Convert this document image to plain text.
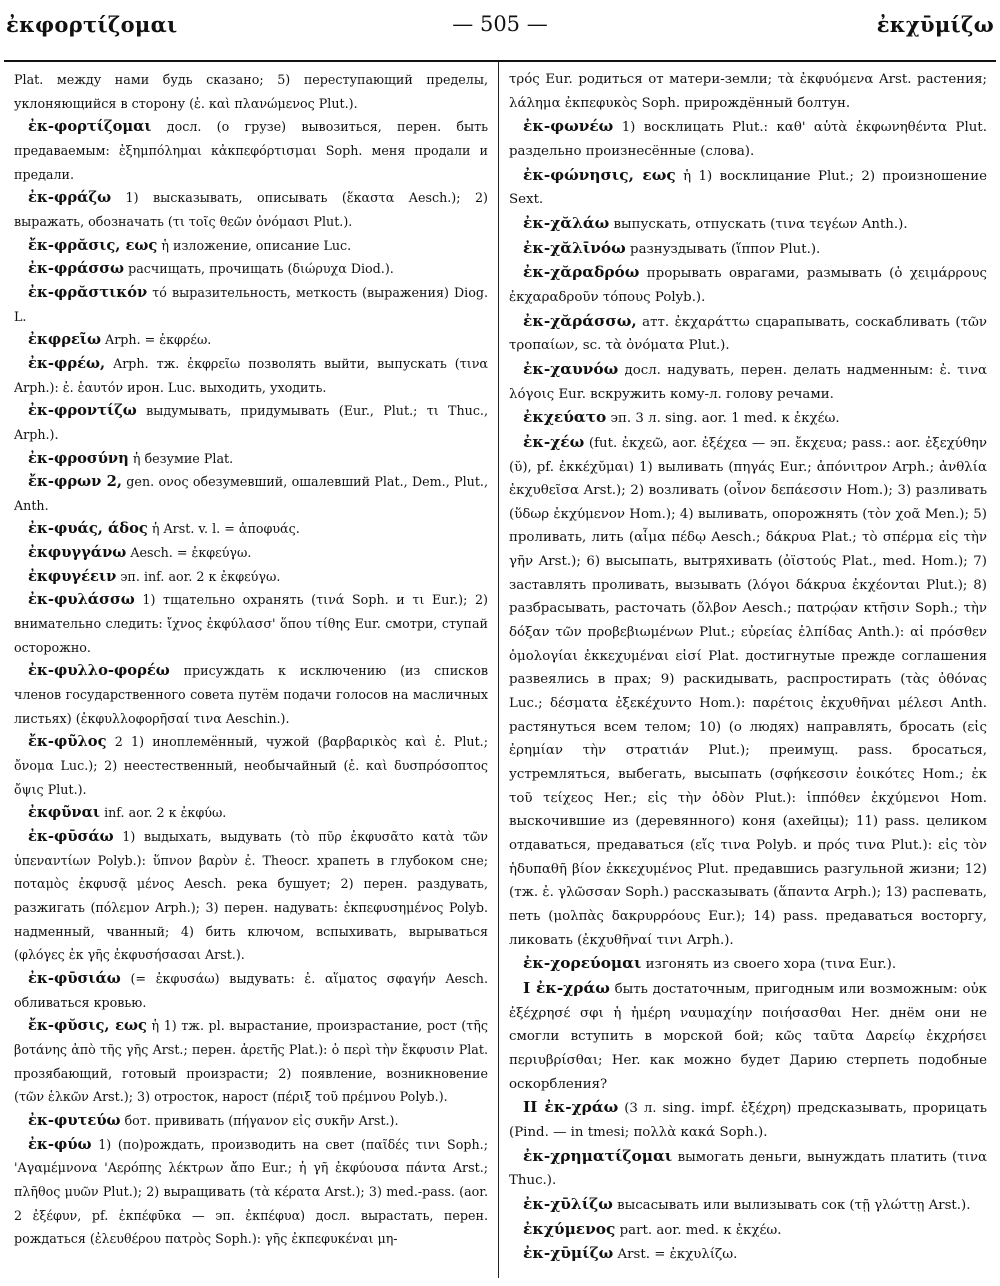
ἐκφορτίζομαι	— 505 —	ἐκχῡμίζω

Plat. между нами будь сказано; 5) переступающий пределы, уклоняющийся в сторону (ἐ. καὶ πλανώμενος Plut.).

ἐκ-φορτίζομαι досл. (о грузе) вывозиться, перен. быть предаваемым: ἐξημπόλημαι κἀκπεφόρτισμαι Soph. меня продали и предали.

ἐκ-φράζω 1) высказывать, описывать (ἕκαστα Aesch.); 2) выражать, обозначать (τι τοῖς θεῶν ὀνόμασι Plut.).

ἔκ-φρᾰσις, εως ἡ изложение, описание Luc.

ἐκ-φράσσω расчищать, прочищать (διώρυχα Diod.).

ἐκ-φρᾰστικόν τό выразительность, меткость (выражения) Diog. L.

ἐκφρεῖω Arph. = ἐκφρέω.

ἐκ-φρέω, Arph. тж. ἐκφρεῖω позволять выйти, выпускать (τινα Arph.): ἐ. ἑαυτόν ирон. Luc. выходить, уходить.

ἐκ-φροντίζω выдумывать, придумывать (Eur., Plut.; τι Thuc., Arph.).

ἐκ-φροσύνη ἡ безумие Plat.

ἔκ-φρων 2, gen. ονος обезумевший, ошалевший Plat., Dem., Plut., Anth.

ἐκ-φυάς, άδος ἡ Arst. v. l. = ἀποφυάς.

ἐκφυγγάνω Aesch. = ἐκφεύγω.

ἐκφυγέειν эп. inf. aor. 2 к ἐκφεύγω.

ἐκ-φυλάσσω 1) тщательно охранять (τινά Soph. и τι Eur.); 2) внимательно следить: ἴχνος ἐκφύλασσ' ὅπου τίθης Eur. смотри, ступай осторожно.

ἐκ-φυλλο-φορέω присуждать к исключению (из списков членов государственного совета путём подачи голосов на масличных листьях) (ἐκφυλλοφορῆσαί τινα Aeschin.).

ἔκ-φῦλος 2 1) иноплемённый, чужой (βαρβαρικὸς καὶ ἐ. Plut.; ὄνομα Luc.); 2) неестественный, необычайный (ἐ. καὶ δυσπρόσοπτος ὄψις Plut.).

ἐκφῦναι inf. aor. 2 к ἐκφύω.

ἐκ-φῡσάω 1) выдыхать, выдувать (τὸ πῦρ ἐκφυσᾶτο κατὰ τῶν ὑπεναντίων Polyb.): ὕπνον βαρὺν ἐ. Theocr. храпеть в глубоком сне; ποταμὸς ἐκφυσᾷ μένος Aesch. река бушует; 2) перен. раздувать, разжигать (πόλεμον Arph.); 3) перен. надувать: ἐκπεφυσημένος Polyb. надменный, чванный; 4) бить ключом, вспыхивать, вырываться (φλόγες ἐκ γῆς ἐκφυσήσασαι Arst.).

ἐκ-φῡσιάω (= ἐκφυσάω) выдувать: ἐ. αἵματος σφαγήν Aesch. обливаться кровью.

ἔκ-φῠσις, εως ἡ 1) тж. pl. вырастание, произрастание, рост (τῆς βοτάνης ἀπὸ τῆς γῆς Arst.; перен. ἀρετῆς Plat.): ὁ περὶ τὴν ἔκφυσιν Plat. прозябающий, готовый произрасти; 2) появление, возникновение (τῶν ἑλκῶν Arst.); 3) отросток, нарост (πέριξ τοῦ πρέμνου Polyb.).

ἐκ-φυτεύω бот. прививать (πήγανον εἰς συκῆν Arst.).

ἐκ-φύω 1) (по)рождать, производить на свет (παῖδές τινι Soph.; 'Αγαμέμνονα 'Αερόπης λέκτρων ἄπο Eur.; ἡ γῆ ἐκφύουσα πάντα Arst.; πλῆθος μυῶν Plut.); 2) выращивать (τὰ κέρατα Arst.); 3) med.-pass. (aor. 2 ἐξέφυν, pf. ἐκπέφῡκα — эп. ἐκπέφυα) досл. вырастать, перен. рождаться (ἐλευθέρου πατρὸς Soph.): γῆς ἐκπεφυκέναι μη-

τρός Eur. родиться от матери-земли; τὰ ἐκφυόμενα Arst. растения; λάλημα ἐκπεφυκὸς Soph. прирождённый болтун.

ἐκ-φωνέω 1) восклицать Plut.: καθ' αὑτὰ ἐκφωνηθέντα Plut. раздельно произнесённые (слова).

ἐκ-φώνησις, εως ἡ 1) восклицание Plut.; 2) произношение Sext.

ἐκ-χᾰλάω выпускать, отпускать (τινα τεγέων Anth.).

ἐκ-χᾰλῑνόω разнуздывать (ἵππον Plut.).

ἐκ-χᾰραδρόω прорывать оврагами, размывать (ὁ χειμάρρους ἐκχαραδροῦν τόπους Polyb.).

ἐκ-χᾰράσσω, атт. ἐκχαράττω сцарапывать, соскабливать (τῶν τροπαίων, sc. τὰ ὀνόματα Plut.).

ἐκ-χαυνόω досл. надувать, перен. делать надменным: ἐ. τινα λόγοις Eur. вскружить кому-л. голову речами.

ἐκχεύατο эп. 3 л. sing. aor. 1 med. к ἐκχέω.

ἐκ-χέω (fut. ἐκχεῶ, aor. ἐξέχεα — эп. ἔκχευα; pass.: aor. ἐξεχύθην (ῠ), pf. ἐκκέχῠμαι) 1) выливать (πηγάς Eur.; ἀπόνιτρον Arph.; ἀνθλία ἐκχυθεῖσα Arst.); 2) возливать (οἶνον δεπάεσσιν Hom.); 3) разливать (ὕδωρ ἐκχύμενον Hom.); 4) выливать, опорожнять (τὸν χοᾶ Men.); 5) проливать, лить (αἷμα πέδῳ Aesch.; δάκρυα Plat.; τὸ σπέρμα εἰς τὴν γῆν Arst.); 6) высыпать, вытряхивать (ὀϊστούς Plat., med. Hom.); 7) заставлять проливать, вызывать (λόγοι δάκρυα ἐκχέονται Plut.); 8) разбрасывать, расточать (ὄλβον Aesch.; πατρῴαν κτῆσιν Soph.; τὴν δόξαν τῶν προβεβιωμένων Plut.; εὐρείας ἐλπίδας Anth.): αἱ πρόσθεν ὁμολογίαι ἐκκεχυμέναι εἰσί Plat. достигнутые прежде соглашения развеялись в прах; 9) раскидывать, распростирать (τὰς ὀθόνας Luc.; δέσματα ἐξεκέχυντο Hom.): παρέτοις ἐκχυθῆναι μέλεσι Anth. растянуться всем телом; 10) (о людях) направлять, бросать (εἰς ἐρημίαν τὴν στρατιάν Plut.); преимущ. pass. бросаться, устремляться, выбегать, высыпать (σφήκεσσιν ἐοικότες Hom.; ἐκ τοῦ τείχεος Her.; εἰς τὴν ὁδὸν Plut.): ἱππόθεν ἐκχύμενοι Hom. выскочившие из (деревянного) коня (ахейцы); 11) pass. целиком отдаваться, предаваться (εἴς τινα Polyb. и πρός τινα Plut.): εἰς τὸν ἡδυπαθῆ βίον ἐκκεχυμένος Plut. предавшись разгульной жизни; 12) (тж. ἐ. γλῶσσαν Soph.) рассказывать (ἅπαντα Arph.); 13) распевать, петь (μολπὰς δακρυρρόους Eur.); 14) pass. предаваться восторгу, ликовать (ἐκχυθῆναί τινι Arph.).

ἐκ-χορεύομαι изгонять из своего хора (τινα Eur.).

I ἐκ-χράω быть достаточным, пригодным или возможным: οὐκ ἐξέχρησέ σφι ἡ ἡμέρη ναυμαχίην ποιήσασθαι Her. днём они не смогли вступить в морской бой; κῶς ταῦτα Δαρείῳ ἐκχρήσει περιυβρίσθαι; Her. как можно будет Дарию стерпеть подобные оскорбления?

II ἐκ-χράω (3 л. sing. impf. ἐξέχρη) предсказывать, прорицать (Pind. — in tmesi; πολλὰ κακά Soph.).

ἐκ-χρηματίζομαι вымогать деньги, вынуждать платить (τινα Thuc.).

ἐκ-χῡλίζω высасывать или вылизывать сок (τῇ γλώττῃ Arst.).

ἐκχύμενος part. aor. med. к ἐκχέω.

ἐκ-χῡμίζω Arst. = ἐκχυλίζω.
